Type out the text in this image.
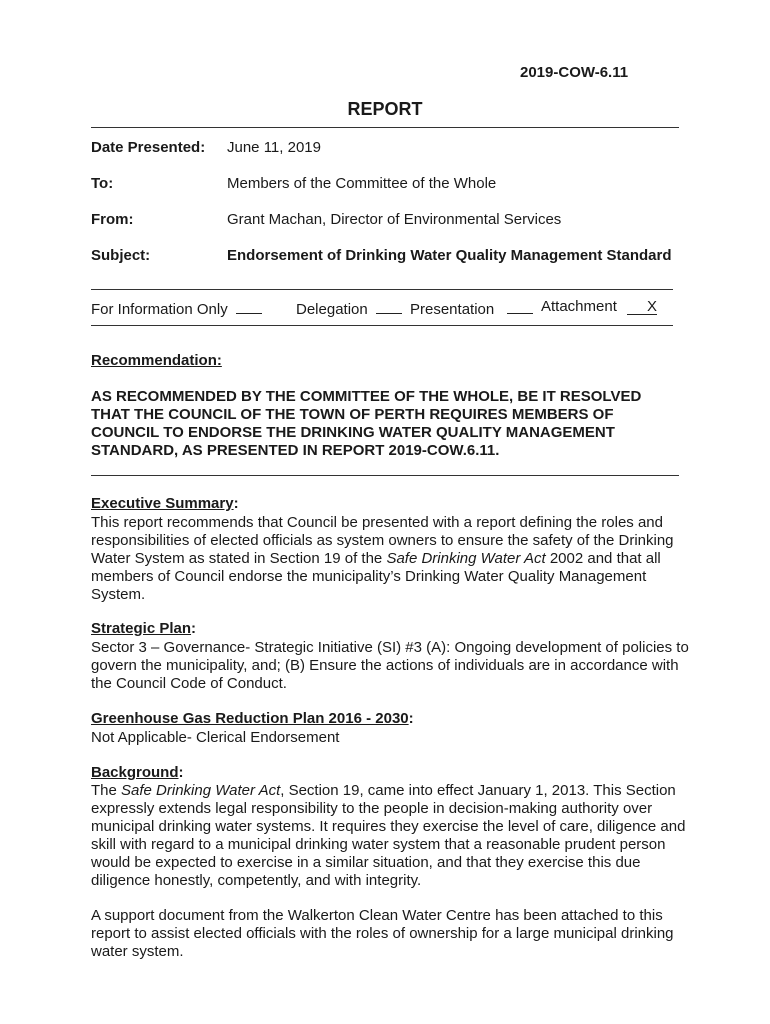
2019-COW-6.11
REPORT
Date Presented: June 11, 2019
To:	Members of the Committee of the Whole
From:	Grant Machan, Director of Environmental Services
Subject:	Endorsement of Drinking Water Quality Management Standard
For Information Only	Delegation	Presentation	Attachment X
Recommendation:
AS RECOMMENDED BY THE COMMITTEE OF THE WHOLE, BE IT RESOLVED THAT THE COUNCIL OF THE TOWN OF PERTH REQUIRES MEMBERS OF COUNCIL TO ENDORSE THE DRINKING WATER QUALITY MANAGEMENT STANDARD, AS PRESENTED IN REPORT 2019-COW.6.11.
Executive Summary:
This report recommends that Council be presented with a report defining the roles and responsibilities of elected officials as system owners to ensure the safety of the Drinking Water System as stated in Section 19 of the Safe Drinking Water Act 2002 and that all members of Council endorse the municipality’s Drinking Water Quality Management System.
Strategic Plan:
Sector 3 – Governance- Strategic Initiative (SI) #3 (A): Ongoing development of policies to govern the municipality, and; (B) Ensure the actions of individuals are in accordance with the Council Code of Conduct.
Greenhouse Gas Reduction Plan 2016 - 2030:
Not Applicable- Clerical Endorsement
Background:
The Safe Drinking Water Act, Section 19, came into effect January 1, 2013. This Section expressly extends legal responsibility to the people in decision-making authority over municipal drinking water systems. It requires they exercise the level of care, diligence and skill with regard to a municipal drinking water system that a reasonable prudent person would be expected to exercise in a similar situation, and that they exercise this due diligence honestly, competently, and with integrity.
A support document from the Walkerton Clean Water Centre has been attached to this report to assist elected officials with the roles of ownership for a large municipal drinking water system.
